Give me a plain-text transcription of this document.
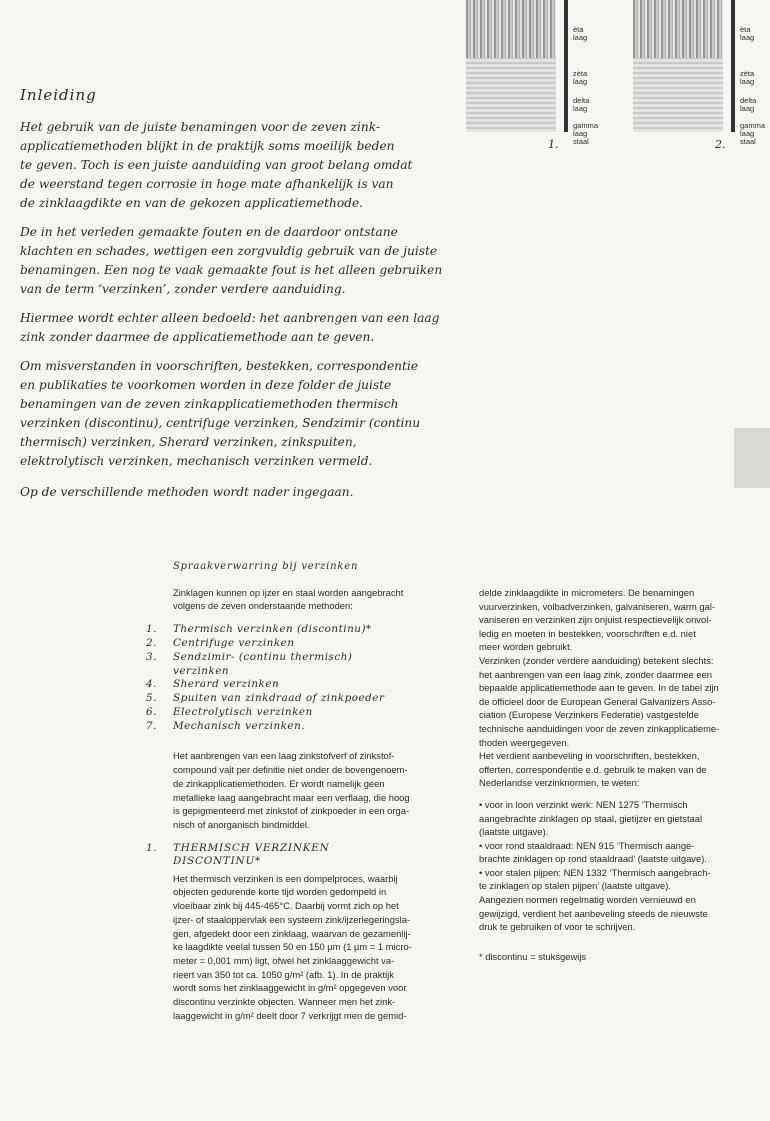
èta laag
zèta laag
delta laag
gamma laag
staal
1.
èta laag
zèta laag
delta laag
gamma laag
staal
2.
Inleiding

Het gebruik van de juiste benamingen voor de zeven zink-
applicatiemethoden blijkt in de praktijk soms moeilijk beden
te geven. Toch is een juiste aanduiding van groot belang omdat
de weerstand tegen corrosie in hoge mate afhankelijk is van
de zinklaagdikte en van de gekozen applicatiemethode.

De in het verleden gemaakte fouten en de daardoor ontstane
klachten en schades, wettigen een zorgvuldig gebruik van de juiste
benamingen. Een nog te vaak gemaakte fout is het alleen gebruiken
van de term ‘verzinken’, zonder verdere aanduiding.

Hiermee wordt echter alleen bedoeld: het aanbrengen van een laag
zink zonder daarmee de applicatiemethode aan te geven.

Om misverstanden in voorschriften, bestekken, correspondentie
en publikaties te voorkomen worden in deze folder de juiste
benamingen van de zeven zinkapplicatiemethoden thermisch
verzinken (discontinu), centrifuge verzinken, Sendzimir (continu
thermisch) verzinken, Sherard verzinken, zinkspuiten,
elektrolytisch verzinken, mechanisch verzinken vermeld.

Op de verschillende methoden wordt nader ingegaan.

Spraakverwarring bij verzinken

Zinklagen kunnen op ijzer en staal worden aangebracht
volgens de zeven onderstaande methoden:

1.	Thermisch verzinken (discontinu)*
2.	Centrifuge verzinken
3.	Sendzimir- (continu thermisch)
verzinken
4.	Sherard verzinken
5.	Spuiten van zinkdraad of zinkpoeder
6.	Electrolytisch verzinken
7.	Mechanisch verzinken.

Het aanbrengen van een laag zinkstofverf of zinkstof-
compound valt per definitie niet onder de bovengenoem-
de zinkapplicatiemethoden. Er wordt namelijk geen
metallieke laag aangebracht maar een verflaag, die hoog
is gepigmenteerd met zinkstof of zinkpoeder in een orga-
nisch of anorganisch bindmiddel.

1.	THERMISCH VERZINKEN
DISCONTINU*

Het thermisch verzinken is een dompelproces, waarbij
objecten gedurende korte tijd worden gedompeld in
vloeibaar zink bij 445-465°C. Daarbij vormt zich op het
ijzer- of staaloppervlak een systeem zink/ijzerlegeringsla-
gen, afgedekt door een zinklaag, waarvan de gezamenlij-
ke laagdikte veelal tussen 50 en 150 µm (1 µm = 1 micro-
meter = 0,001 mm) ligt, ofwel het zinklaaggewicht va-
rieert van 350 tot ca. 1050 g/m² (afb. 1). In de praktijk
wordt soms het zinklaaggewicht in g/m² opgegeven voor
discontinu verzinkte objecten. Wanneer men het zink-
laaggewicht in g/m² deelt door 7 verkrijgt men de gemid-

delde zinklaagdikte in micrometers. De benamingen
vuurverzinken, volbadverzinken, galvaniseren, warm gal-
vaniseren en verzinken zijn onjuist respectievelijk onvol-
ledig en moeten in bestekken, voorschriften e.d. niet
meer worden gebruikt.

Verzinken (zonder verdere aanduiding) betekent slechts:
het aanbrengen van een laag zink, zonder daarmee een
bepaalde applicatiemethode aan te geven. In de tabel zijn
de officieel door de European General Galvanizers Asso-
ciation (Europese Verzinkers Federatie) vastgestelde
technische aanduidingen voor de zeven zinkapplicatieme-
thoden weergegeven.

Het verdient aanbeveling in voorschriften, bestekken,
offerten, correspondentie e.d. gebruik te maken van de
Nederlandse verzinknormen, te weten:

• voor in loon verzinkt werk: NEN 1275 ‘Thermisch
aangebrachte zinklagen op staal, gietijzer en gietstaal
(laatste uitgave).

• voor rond staaldraad: NEN 915 ‘Thermisch aange-
brachte zinklagen op rond staaldraad’ (laatste uitgave).

• voor stalen pijpen: NEN 1332 ‘Thermisch aangebrach-
te zinklagen op stalen pijpen’ (laatste uitgave).

Aangezien normen regelmatig worden vernieuwd en
gewijzigd, verdient het aanbeveling steeds de nieuwste
druk te gebruiken of voor te schrijven.

* discontinu = stuksgewijs
